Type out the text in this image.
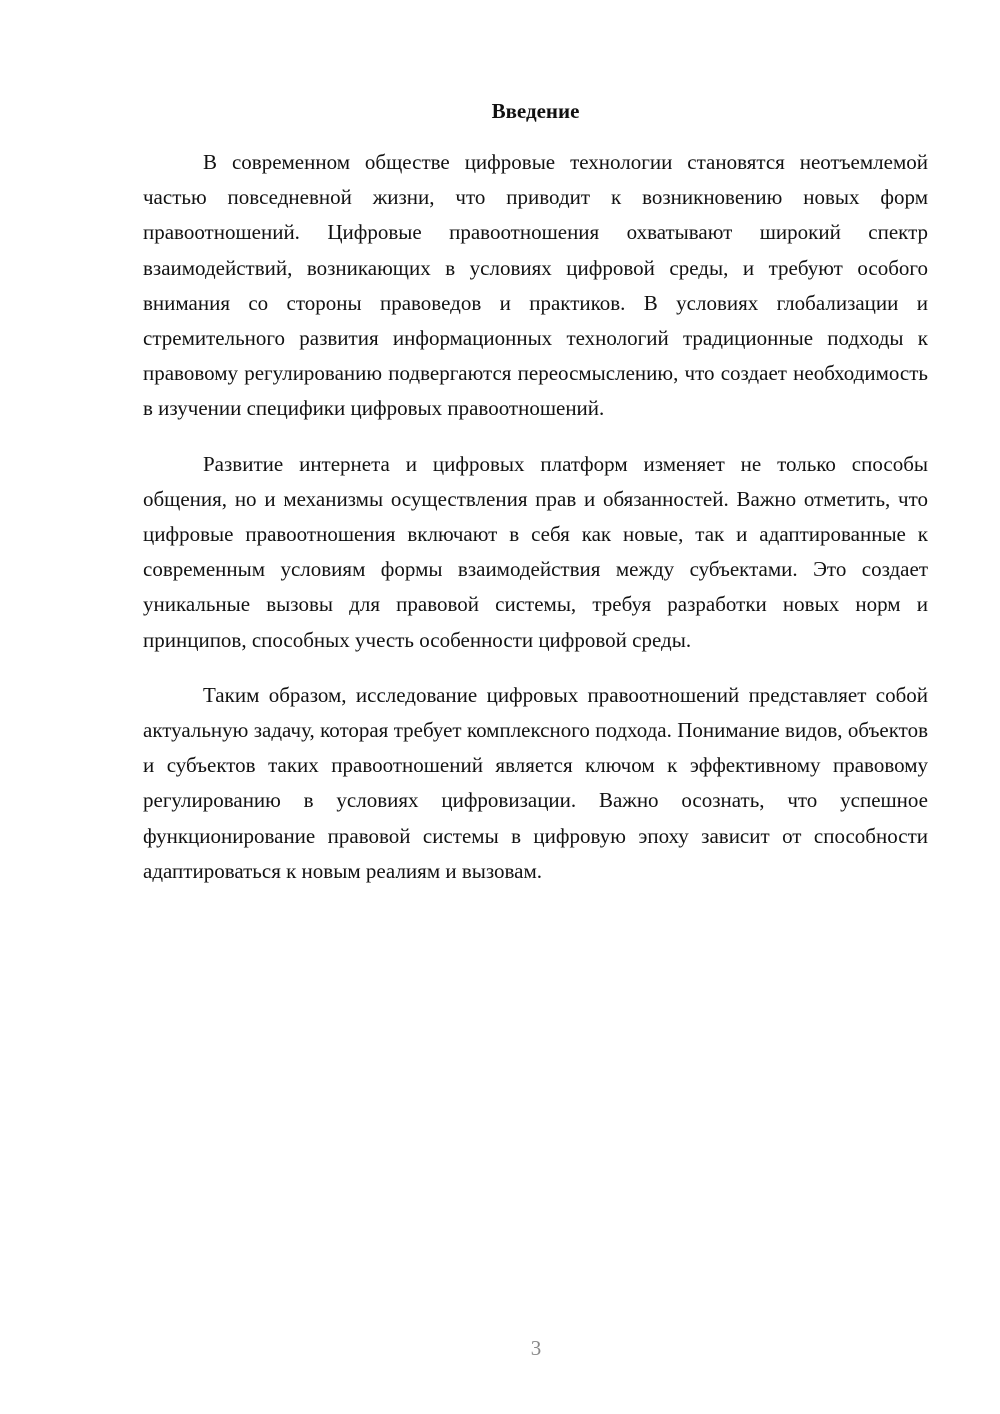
Введение

В современном обществе цифровые технологии становятся неотъемлемой частью повседневной жизни, что приводит к возникновению новых форм правоотношений. Цифровые правоотношения охватывают широкий спектр взаимодействий, возникающих в условиях цифровой среды, и требуют особого внимания со стороны правоведов и практиков. В условиях глобализации и стремительного развития информационных технологий традиционные подходы к правовому регулированию подвергаются переосмыслению, что создает необходимость в изучении специфики цифровых правоотношений.

Развитие интернета и цифровых платформ изменяет не только способы общения, но и механизмы осуществления прав и обязанностей. Важно отметить, что цифровые правоотношения включают в себя как новые, так и адаптированные к современным условиям формы взаимодействия между субъектами. Это создает уникальные вызовы для правовой системы, требуя разработки новых норм и принципов, способных учесть особенности цифровой среды.

Таким образом, исследование цифровых правоотношений представляет собой актуальную задачу, которая требует комплексного подхода. Понимание видов, объектов и субъектов таких правоотношений является ключом к эффективному правовому регулированию в условиях цифровизации. Важно осознать, что успешное функционирование правовой системы в цифровую эпоху зависит от способности адаптироваться к новым реалиям и вызовам.

3
